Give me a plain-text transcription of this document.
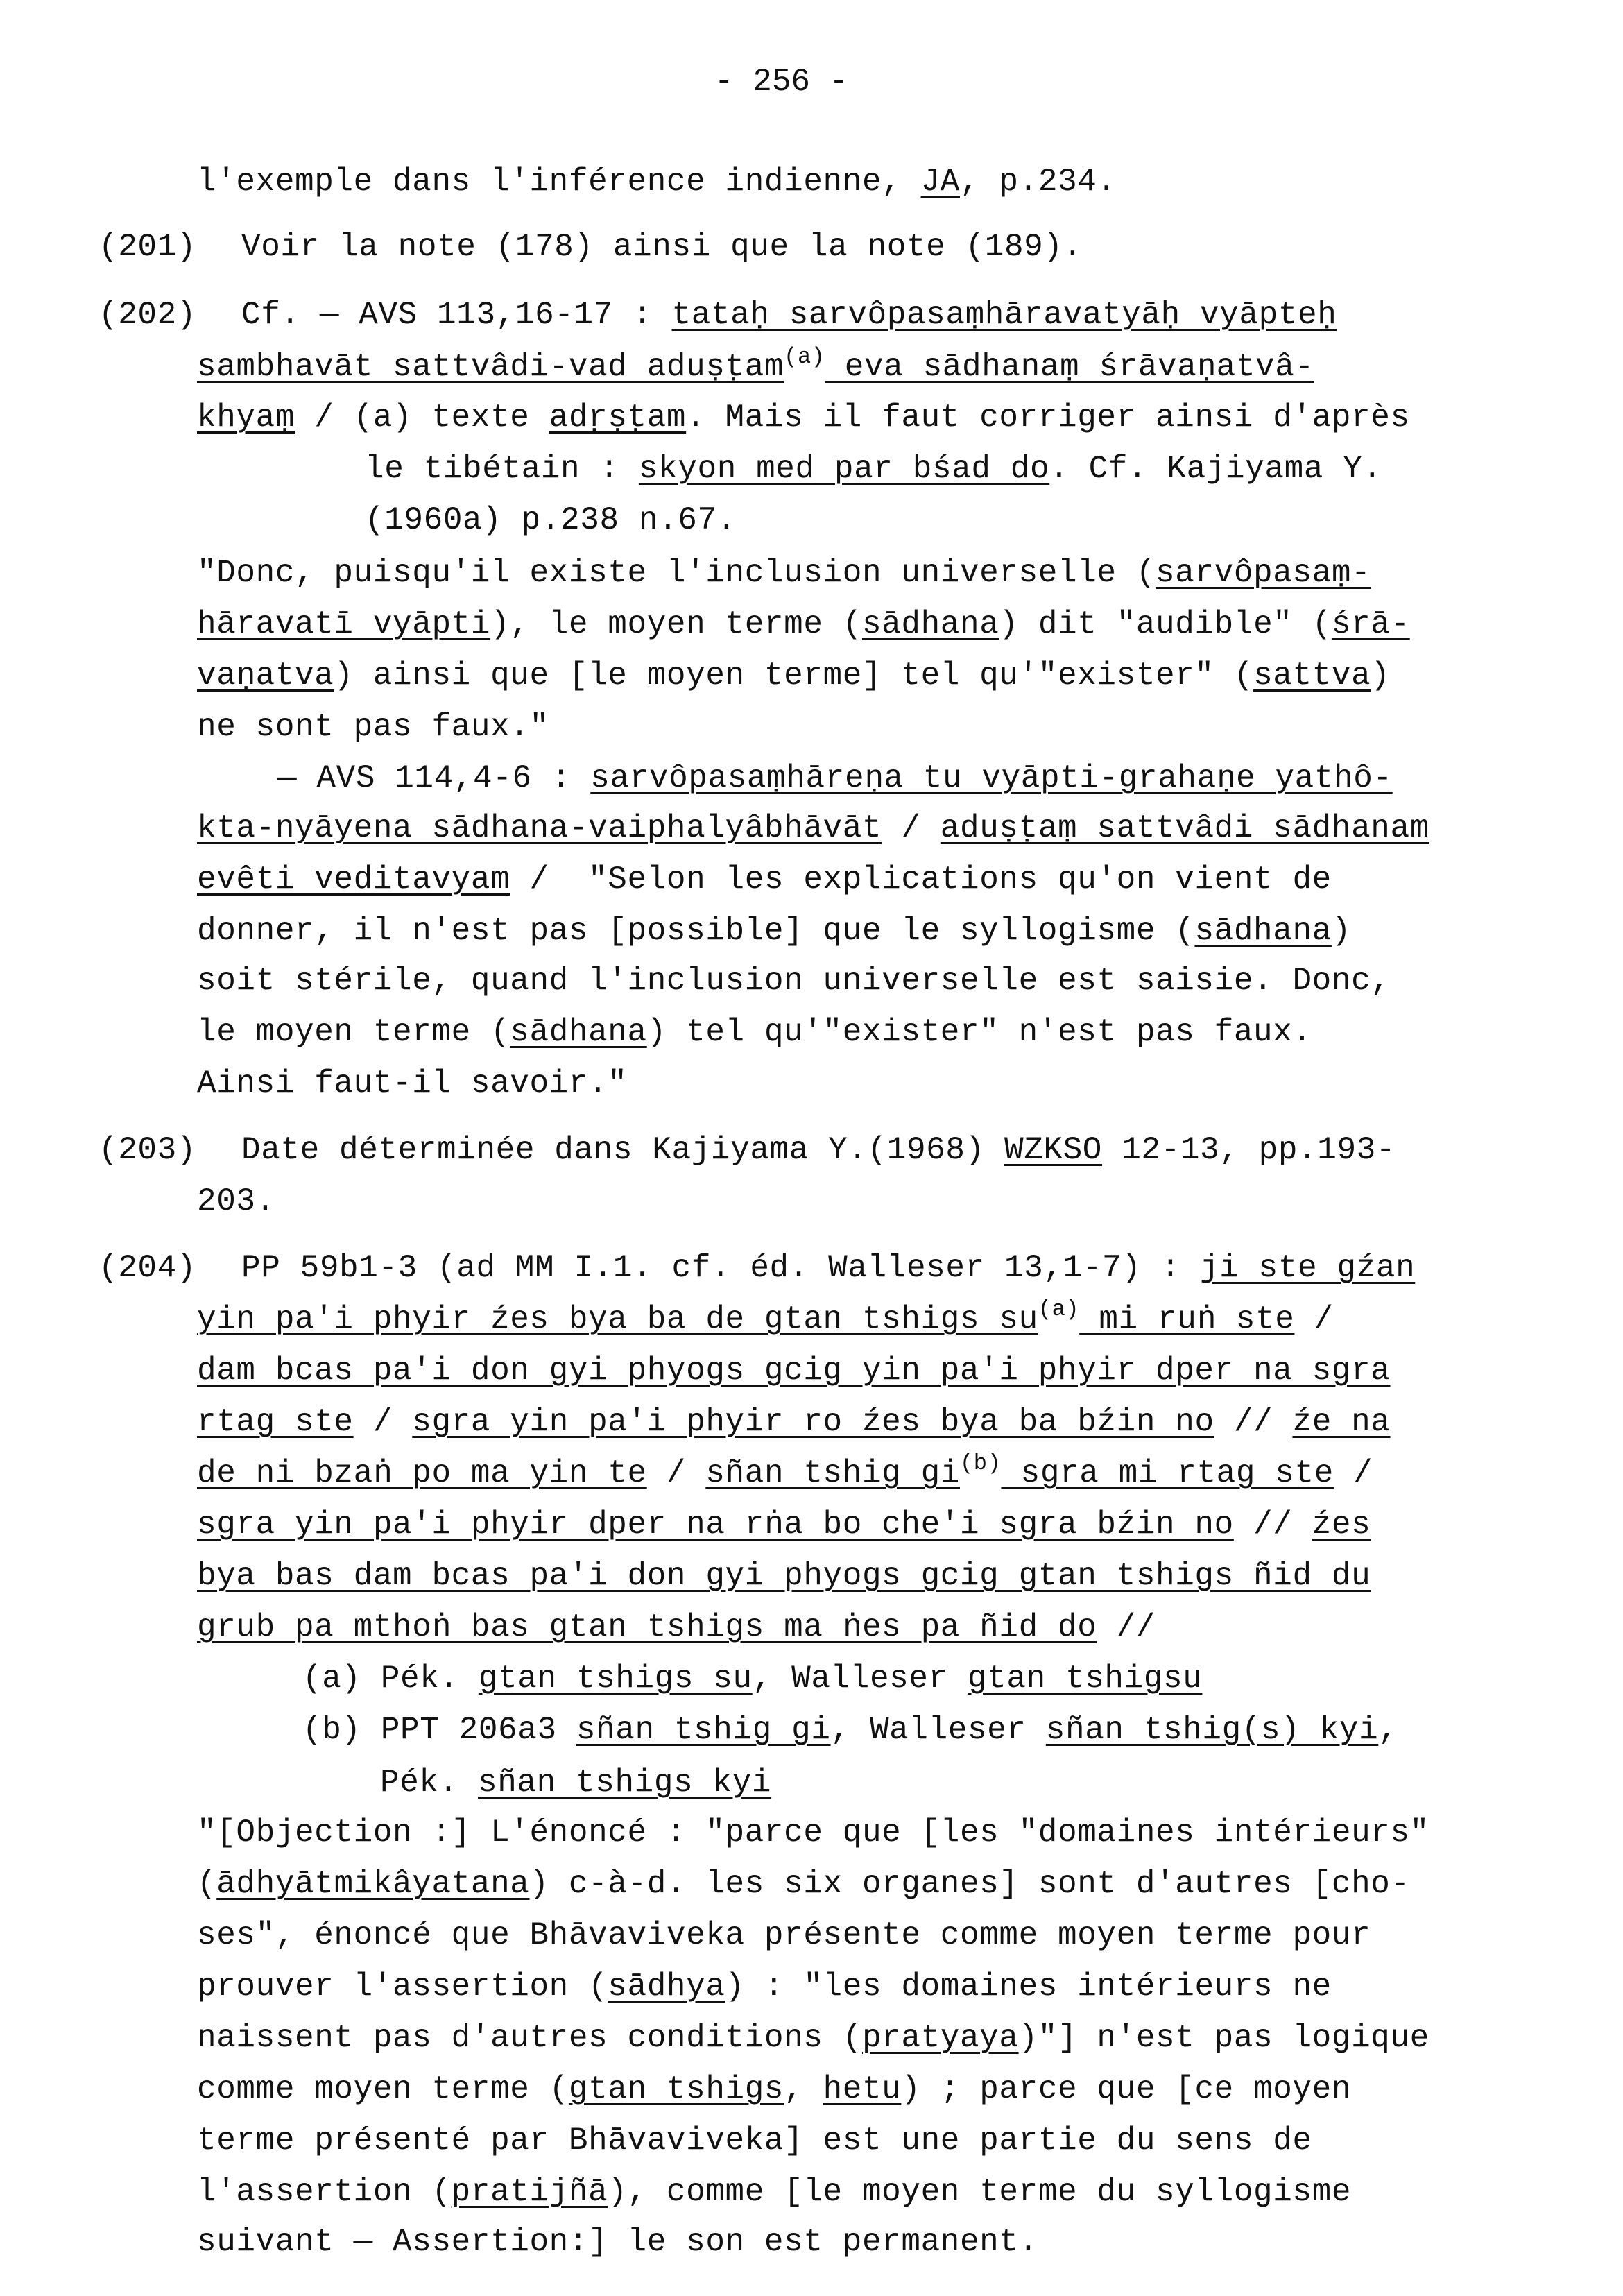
- 256 -
l'exemple dans l'inférence indienne, JA, p.234.
(201) Voir la note (178) ainsi que la note (189).
(202) Cf. — AVS 113,16-17 : tataḥ sarvôpasaṃhāravatyāḥ vyāpteḥ
sambhavāt sattvâdi-vad aduṣṭam$^{(a)}$ eva sādhanaṃ śrāvaṇatvâ-
khyaṃ / (a) texte adṛṣṭam. Mais il faut corriger ainsi d'après
le tibétain : skyon med par bśad do. Cf. Kajiyama Y.
(1960a) p.238 n.67.
"Donc, puisqu'il existe l'inclusion universelle (sarvôpasaṃ-
hāravatī vyāpti), le moyen terme (sādhana) dit "audible" (śrā-
vaṇatva) ainsi que [le moyen terme] tel qu'"exister" (sattva)
ne sont pas faux."
— AVS 114,4-6 : sarvôpasaṃhāreṇa tu vyāpti-grahaṇe yathô-
kta-nyāyena sādhana-vaiphalyâbhāvāt / aduṣṭaṃ sattvâdi sādhanam
evêti veditavyam /  "Selon les explications qu'on vient de
donner, il n'est pas [possible] que le syllogisme (sādhana)
soit stérile, quand l'inclusion universelle est saisie. Donc,
le moyen terme (sādhana) tel qu'"exister" n'est pas faux.
Ainsi faut-il savoir."
(203) Date déterminée dans Kajiyama Y.(1968) WZKSO 12-13, pp.193-
203.
(204) PP 59b1-3 (ad MM I.1. cf. éd. Walleser 13,1-7) : ji ste gźan
yin pa'i phyir źes bya ba de gtan tshigs $su^{(a)}$ mi ruṅ ste /
dam bcas pa'i don gyi phyogs gcig yin pa'i phyir dper na sgra
rtag ste / sgra yin pa'i phyir ro źes bya ba bźin no // źe na
de ni bzaṅ po ma yin te / sñan tshig $gi^{(b)}$ sgra mi rtag ste /
sgra yin pa'i phyir dper na rṅa bo che'i sgra bźin no // źes
bya bas dam bcas pa'i don gyi phyogs gcig gtan tshigs ñid du
grub pa mthoṅ bas gtan tshigs ma ṅes pa ñid do //
(a) Pék. gtan tshigs su, Walleser gtan tshigsu
(b) PPT 206a3 sñan tshig gi, Walleser sñan tshig(s) kyi,
Pék. sñan tshigs kyi
"[Objection :] L'énoncé : "parce que [les "domaines intérieurs"
(ādhyātmikâyatana) c-à-d. les six organes] sont d'autres [cho-
ses", énoncé que Bhāvaviveka présente comme moyen terme pour
prouver l'assertion (sādhya) : "les domaines intérieurs ne
naissent pas d'autres conditions (pratyaya)"] n'est pas logique
comme moyen terme (gtan tshigs, hetu) ; parce que [ce moyen
terme présenté par Bhāvaviveka] est une partie du sens de
l'assertion (pratijñā), comme [le moyen terme du syllogisme
suivant — Assertion:] le son est permanent.
